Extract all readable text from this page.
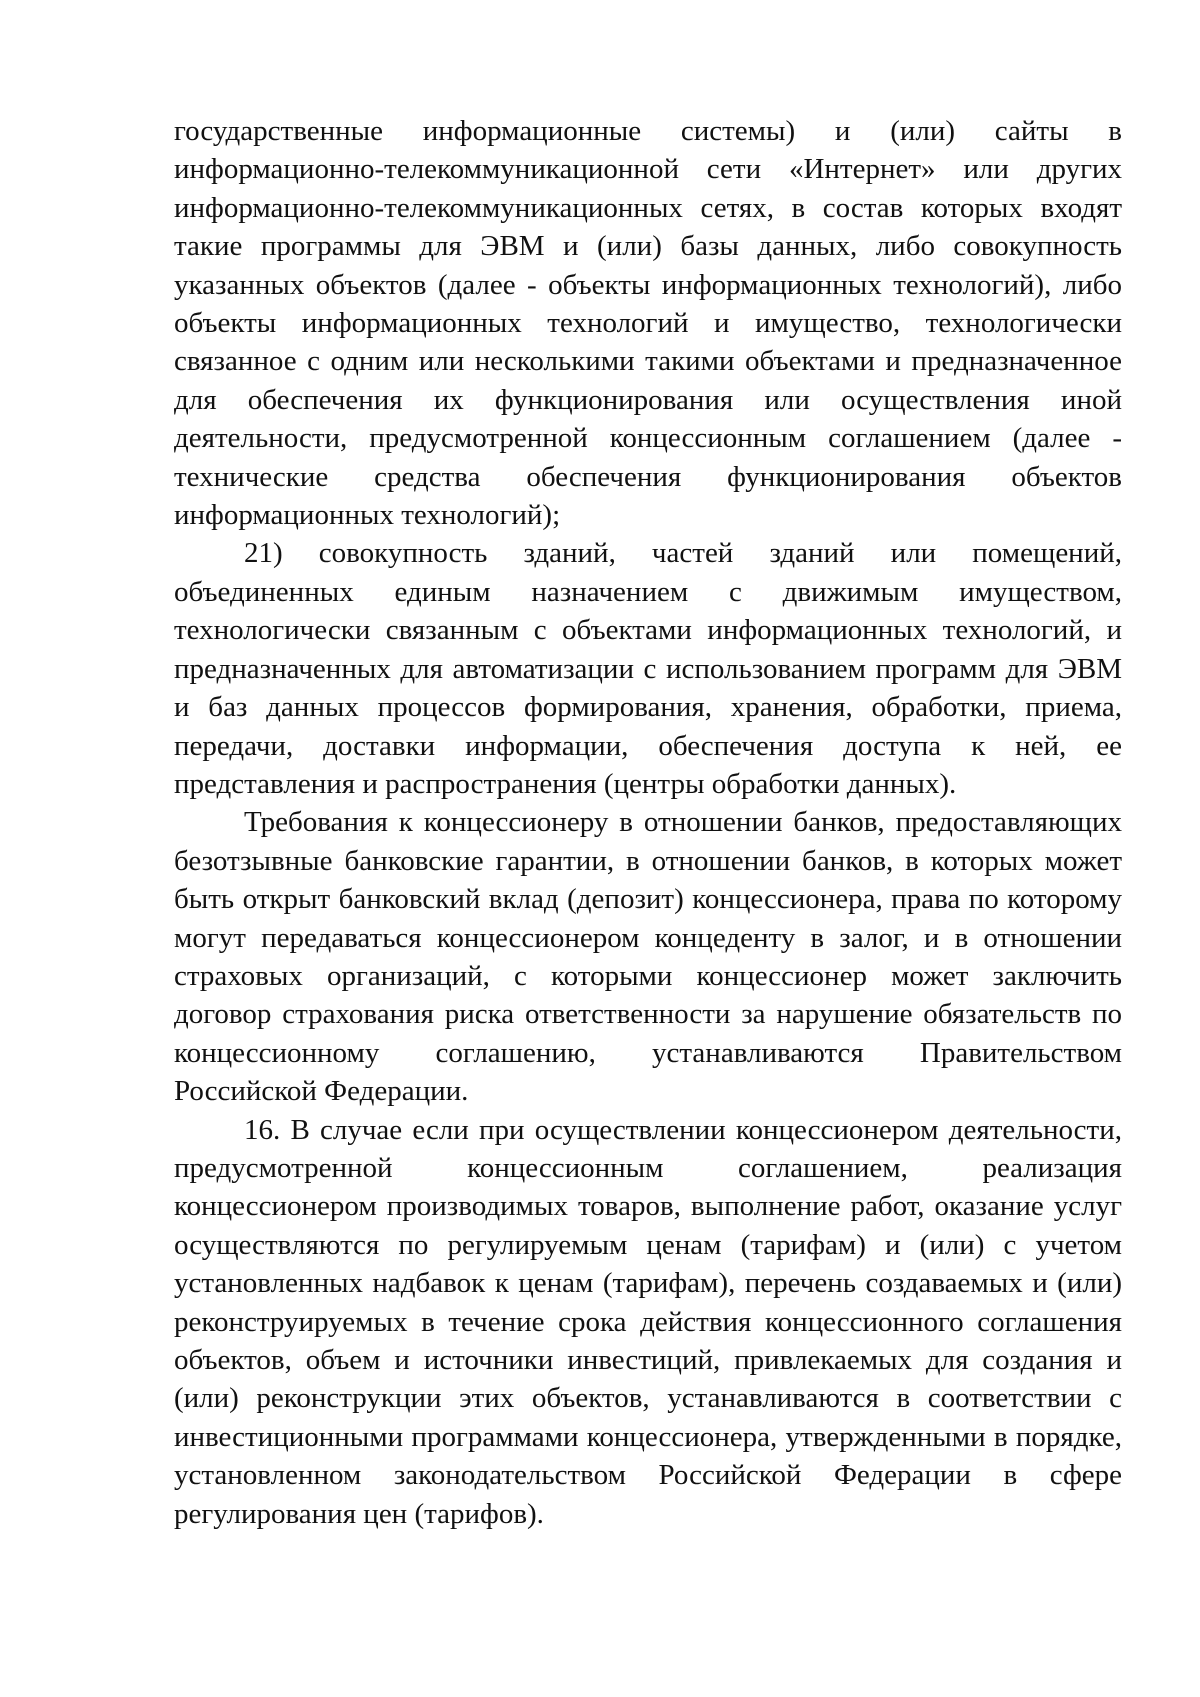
государственные информационные системы) и (или) сайты в информационно-телекоммуникационной сети «Интернет» или других информационно-телекоммуникационных сетях, в состав которых входят такие программы для ЭВМ и (или) базы данных, либо совокупность указанных объектов (далее - объекты информационных технологий), либо объекты информационных технологий и имущество, технологически связанное с одним или несколькими такими объектами и предназначенное для обеспечения их функционирования или осуществления иной деятельности, предусмотренной концессионным соглашением (далее - технические средства обеспечения функционирования объектов информационных технологий);

21) совокупность зданий, частей зданий или помещений, объединенных единым назначением с движимым имуществом, технологически связанным с объектами информационных технологий, и предназначенных для автоматизации с использованием программ для ЭВМ и баз данных процессов формирования, хранения, обработки, приема, передачи, доставки информации, обеспечения доступа к ней, ее представления и распространения (центры обработки данных).

Требования к концессионеру в отношении банков, предоставляющих безотзывные банковские гарантии, в отношении банков, в которых может быть открыт банковский вклад (депозит) концессионера, права по которому могут передаваться концессионером концеденту в залог, и в отношении страховых организаций, с которыми концессионер может заключить договор страхования риска ответственности за нарушение обязательств по концессионному соглашению, устанавливаются Правительством Российской Федерации.

16. В случае если при осуществлении концессионером деятельности, предусмотренной концессионным соглашением, реализация концессионером производимых товаров, выполнение работ, оказание услуг осуществляются по регулируемым ценам (тарифам) и (или) с учетом установленных надбавок к ценам (тарифам), перечень создаваемых и (или) реконструируемых в течение срока действия концессионного соглашения объектов, объем и источники инвестиций, привлекаемых для создания и (или) реконструкции этих объектов, устанавливаются в соответствии с инвестиционными программами концессионера, утвержденными в порядке, установленном законодательством Российской Федерации в сфере регулирования цен (тарифов).
